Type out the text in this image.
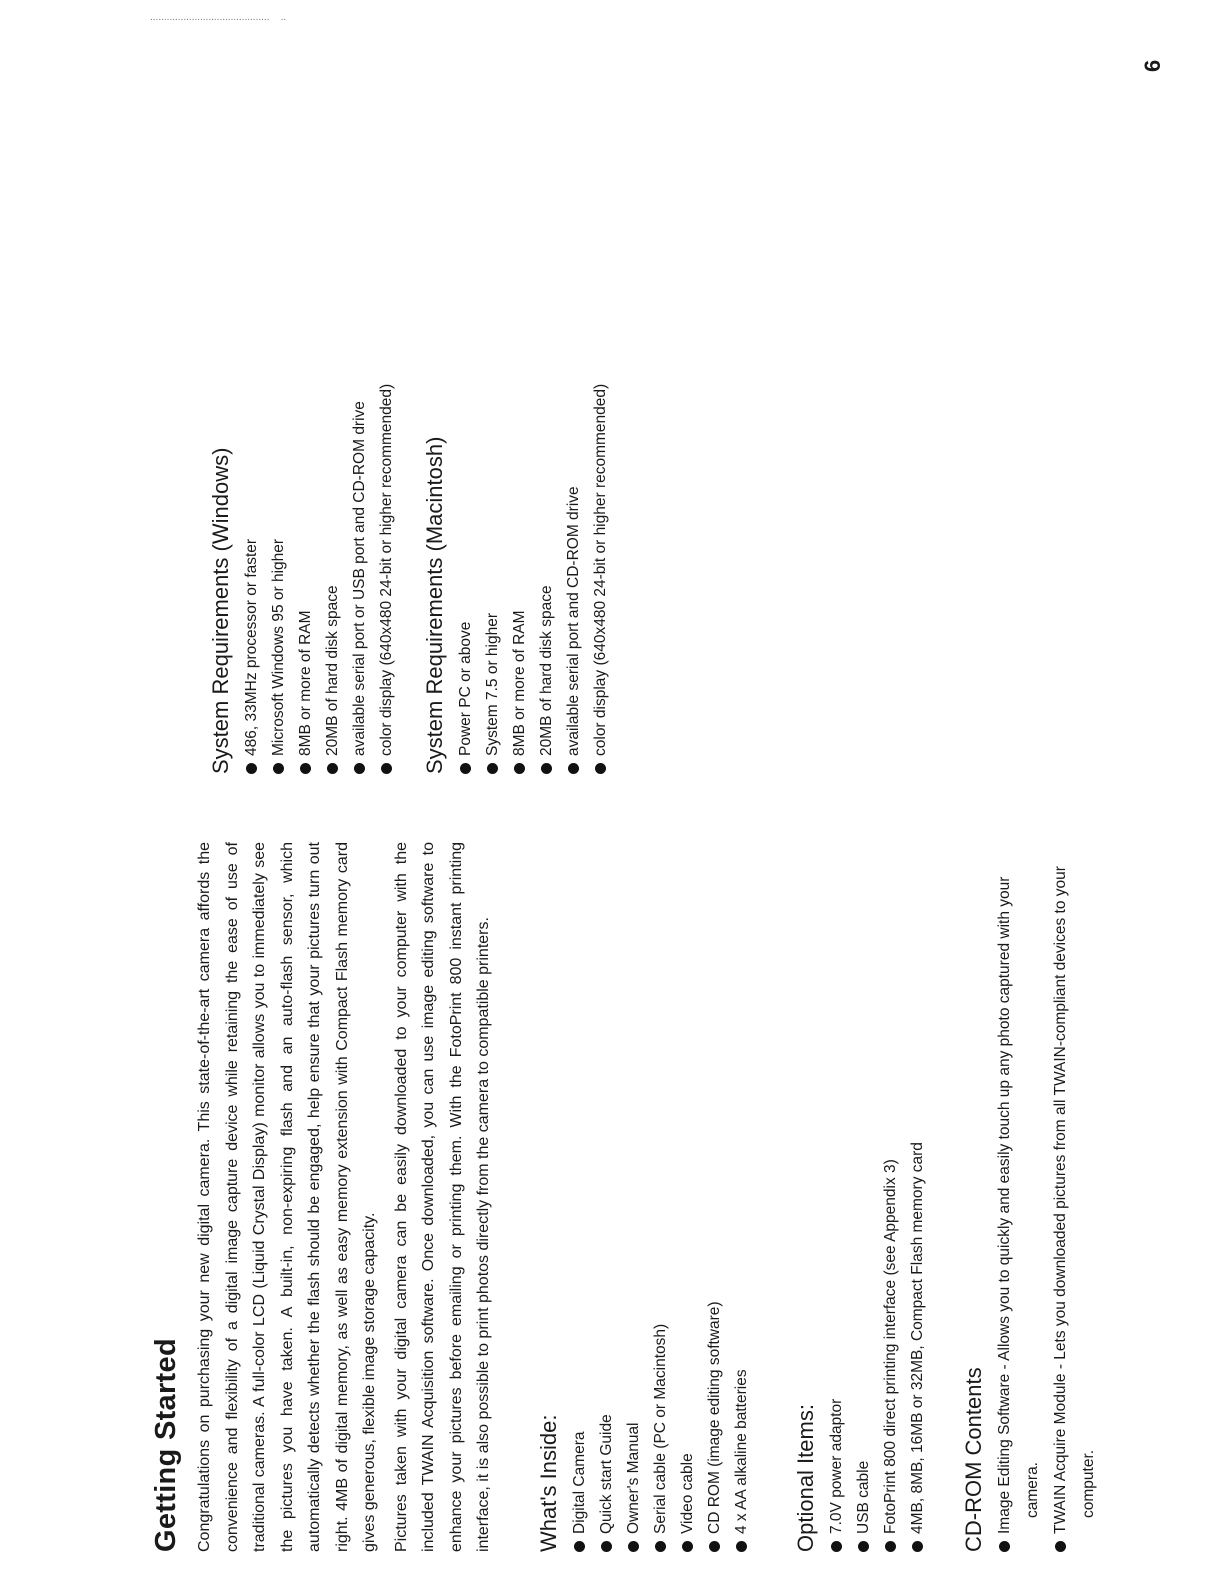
...........................................    ..
6
Getting Started Congratulations on purchasing your new digital camera. This state-of-the-art camera affords the convenience and flexibility of a digital image capture device while retaining the ease of use of traditional cameras. A full-color LCD (Liquid Crystal Display) monitor allows you to immediately see the pictures you have taken. A built-in, non-expiring flash and an auto-flash sensor, which automatically detects whether the flash should be engaged, help ensure that your pictures turn out right. 4MB of digital memory, as well as easy memory extension with Compact Flash memory card gives generous, flexible image storage capacity. Pictures taken with your digital camera can be easily downloaded to your computer with the included TWAIN Acquisition software. Once downloaded, you can use image editing software to enhance your pictures before emailing or printing them. With the FotoPrint 800 instant printing interface, it is also possible to print photos directly from the camera to compatible printers. What's Inside: Digital Camera Quick start Guide Owner's Manual Serial cable (PC or Macintosh) Video cable CD ROM (image editing software) 4 x AA alkaline batteries Optional Items: 7.0V power adaptor USB cable FotoPrint 800 direct printing interface (see Appendix 3) 4MB, 8MB, 16MB or 32MB, Compact Flash memory card CD-ROM Contents Image Editing Software - Allows you to quickly and easily touch up any photo captured with your camera. TWAIN Acquire Module - Lets you downloaded pictures from all TWAIN-compliant devices to your computer.
System Requirements (Windows) 486, 33MHz processor or faster Microsoft Windows 95 or higher 8MB or more of RAM 20MB of hard disk space available serial port or USB port and CD-ROM drive color display (640x480 24-bit or higher recommended) System Requirements (Macintosh) Power PC or above System 7.5 or higher 8MB or more of RAM 20MB of hard disk space available serial port and CD-ROM drive color display (640x480 24-bit or higher recommended)
